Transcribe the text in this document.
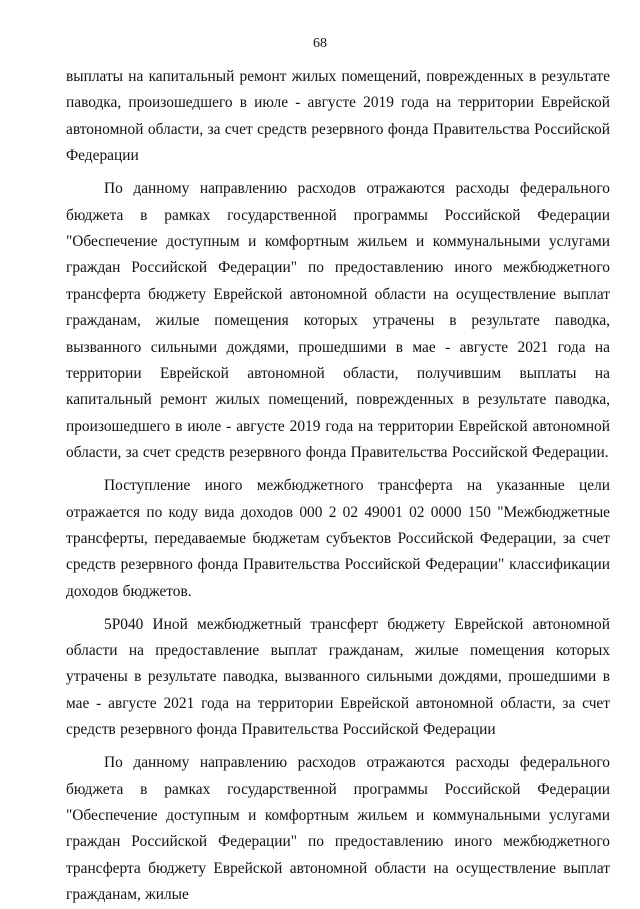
68

выплаты на капитальный ремонт жилых помещений, поврежденных в результате паводка, произошедшего в июле - августе 2019 года на территории Еврейской автономной области, за счет средств резервного фонда Правительства Российской Федерации

По данному направлению расходов отражаются расходы федерального бюджета в рамках государственной программы Российской Федерации "Обеспечение доступным и комфортным жильем и коммунальными услугами граждан Российской Федерации" по предоставлению иного межбюджетного трансферта бюджету Еврейской автономной области на осуществление выплат гражданам, жилые помещения которых утрачены в результате паводка, вызванного сильными дождями, прошедшими в мае - августе 2021 года на территории Еврейской автономной области, получившим выплаты на капитальный ремонт жилых помещений, поврежденных в результате паводка, произошедшего в июле - августе 2019 года на территории Еврейской автономной области, за счет средств резервного фонда Правительства Российской Федерации.

Поступление иного межбюджетного трансферта на указанные цели отражается по коду вида доходов 000 2 02 49001 02 0000 150 "Межбюджетные трансферты, передаваемые бюджетам субъектов Российской Федерации, за счет средств резервного фонда Правительства Российской Федерации" классификации доходов бюджетов.

5Р040 Иной межбюджетный трансферт бюджету Еврейской автономной области на предоставление выплат гражданам, жилые помещения которых утрачены в результате паводка, вызванного сильными дождями, прошедшими в мае - августе 2021 года на территории Еврейской автономной области, за счет средств резервного фонда Правительства Российской Федерации

По данному направлению расходов отражаются расходы федерального бюджета в рамках государственной программы Российской Федерации "Обеспечение доступным и комфортным жильем и коммунальными услугами граждан Российской Федерации" по предоставлению иного межбюджетного трансферта бюджету Еврейской автономной области на осуществление выплат гражданам, жилые
